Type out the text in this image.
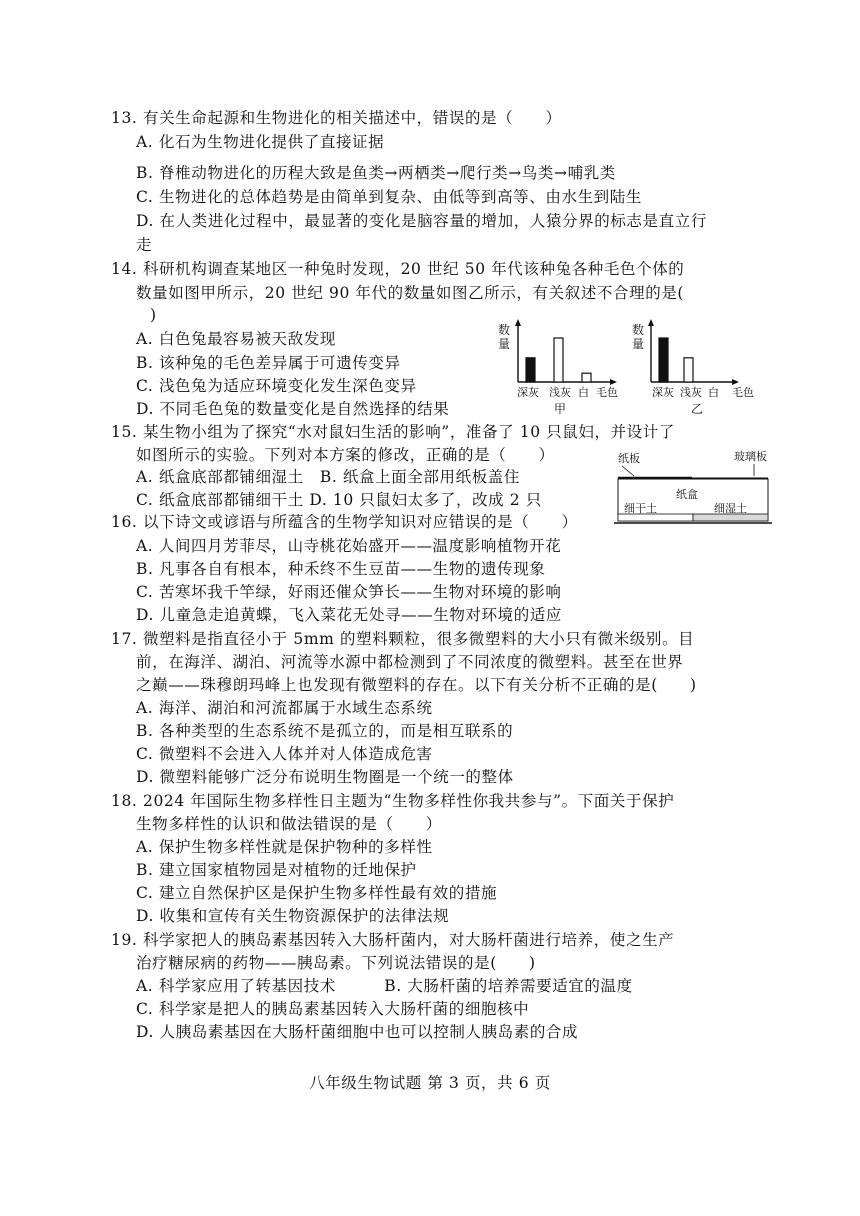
13. 有关生命起源和生物进化的相关描述中，错误的是（　　）
A. 化石为生物进化提供了直接证据
B. 脊椎动物进化的历程大致是鱼类→两栖类→爬行类→鸟类→哺乳类
C. 生物进化的总体趋势是由简单到复杂、由低等到高等、由水生到陆生
D. 在人类进化过程中，最显著的变化是脑容量的增加，人猿分界的标志是直立行
走
14. 科研机构调查某地区一种兔时发现，20 世纪 50 年代该种兔各种毛色个体的
数量如图甲所示，20 世纪 90 年代的数量如图乙所示，有关叙述不合理的是(
)
A. 白色兔最容易被天敌发现
B. 该种兔的毛色差异属于可遗传变异
C. 浅色兔为适应环境变化发生深色变异
D. 不同毛色兔的数量变化是自然选择的结果
数
量
深灰 浅灰 白 毛色
甲
数
量
深灰 浅灰 白 毛色
乙
15. 某生物小组为了探究“水对鼠妇生活的影响”，准备了 10 只鼠妇，并设计了
如图所示的实验。下列对本方案的修改，正确的是（　　）
A. 纸盒底部都铺细湿土　B. 纸盒上面全部用纸板盖住
C. 纸盒底部都铺细干土 D. 10 只鼠妇太多了，改成 2 只
纸板	玻璃板
纸盒
细干土	细湿土
16. 以下诗文或谚语与所蕴含的生物学知识对应错误的是（　　）
A. 人间四月芳菲尽，山寺桃花始盛开——温度影响植物开花
B. 凡事各自有根本，种禾终不生豆苗——生物的遗传现象
C. 苦寒坏我千竿绿，好雨还催众笋长——生物对环境的影响
D. 儿童急走追黄蝶，飞入菜花无处寻——生物对环境的适应
17. 微塑料是指直径小于 5mm 的塑料颗粒，很多微塑料的大小只有微米级别。目
前，在海洋、湖泊、河流等水源中都检测到了不同浓度的微塑料。甚至在世界
之巅——珠穆朗玛峰上也发现有微塑料的存在。以下有关分析不正确的是(　　)
A. 海洋、湖泊和河流都属于水域生态系统
B. 各种类型的生态系统不是孤立的，而是相互联系的
C. 微塑料不会进入人体并对人体造成危害
D. 微塑料能够广泛分布说明生物圈是一个统一的整体
18. 2024 年国际生物多样性日主题为“生物多样性你我共参与”。下面关于保护
生物多样性的认识和做法错误的是（　　）
A. 保护生物多样性就是保护物种的多样性
B. 建立国家植物园是对植物的迁地保护
C. 建立自然保护区是保护生物多样性最有效的措施
D. 收集和宣传有关生物资源保护的法律法规
19. 科学家把人的胰岛素基因转入大肠杆菌内，对大肠杆菌进行培养，使之生产
治疗糖尿病的药物——胰岛素。下列说法错误的是(　　)
A. 科学家应用了转基因技术　　　B. 大肠杆菌的培养需要适宜的温度
C. 科学家是把人的胰岛素基因转入大肠杆菌的细胞核中
D. 人胰岛素基因在大肠杆菌细胞中也可以控制人胰岛素的合成
八年级生物试题 第 3 页，共 6 页
